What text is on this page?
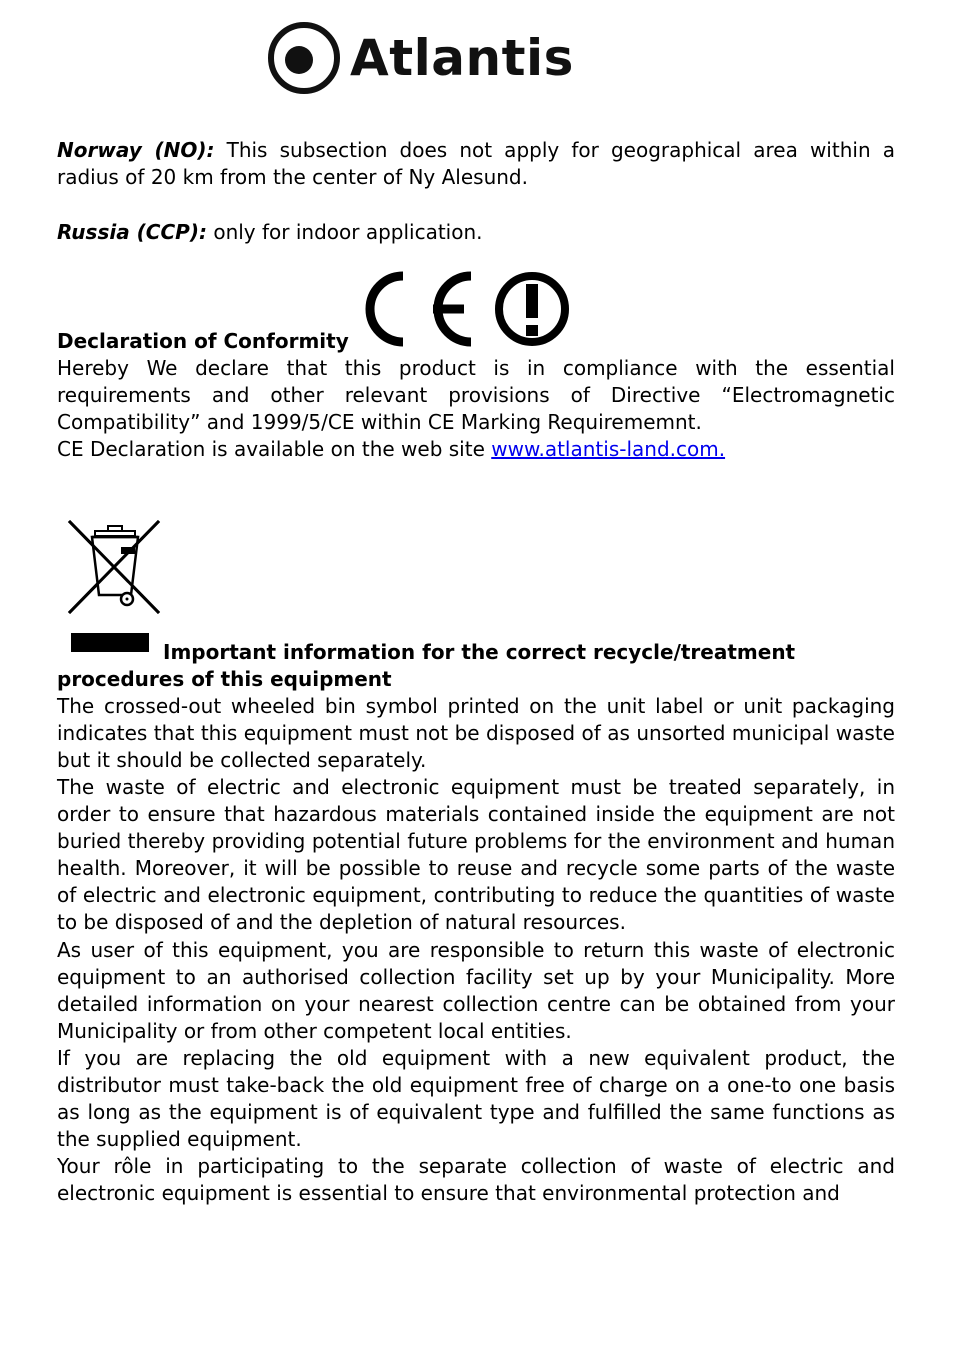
Atlantis

Norway (NO): This subsection does not apply for geographical area within a radius of 20 km from the center of Ny Alesund.

Russia (CCP): only for indoor application.

Declaration of Conformity

Hereby We declare that this product is in compliance with the essential requirements and other relevant provisions of Directive “Electromagnetic Compatibility” and 1999/5/CE within CE Marking Requirememnt.

CE Declaration is available on the web site www.atlantis-land.com.

Important information for the correct recycle/treatment procedures of this equipment

The crossed-out wheeled bin symbol printed on the unit label or unit packaging indicates that this equipment must not be disposed of as unsorted municipal waste but it should be collected separately.

The waste of electric and electronic equipment must be treated separately, in order to ensure that hazardous materials contained inside the equipment are not buried thereby providing potential future problems for the environment and human health. Moreover, it will be possible to reuse and recycle some parts of the waste of electric and electronic equipment, contributing to reduce the quantities of waste to be disposed of and the depletion of natural resources.

As user of this equipment, you are responsible to return this waste of electronic equipment to an authorised collection facility set up by your Municipality. More detailed information on your nearest collection centre can be obtained from your Municipality or from other competent local entities.

If you are replacing the old equipment with a new equivalent product, the distributor must take-back the old equipment free of charge on a one-to one basis as long as the equipment is of equivalent type and fulfilled the same functions as the supplied equipment.

Your rôle in participating to the separate collection of waste of electric and electronic equipment is essential to ensure that environmental protection and
